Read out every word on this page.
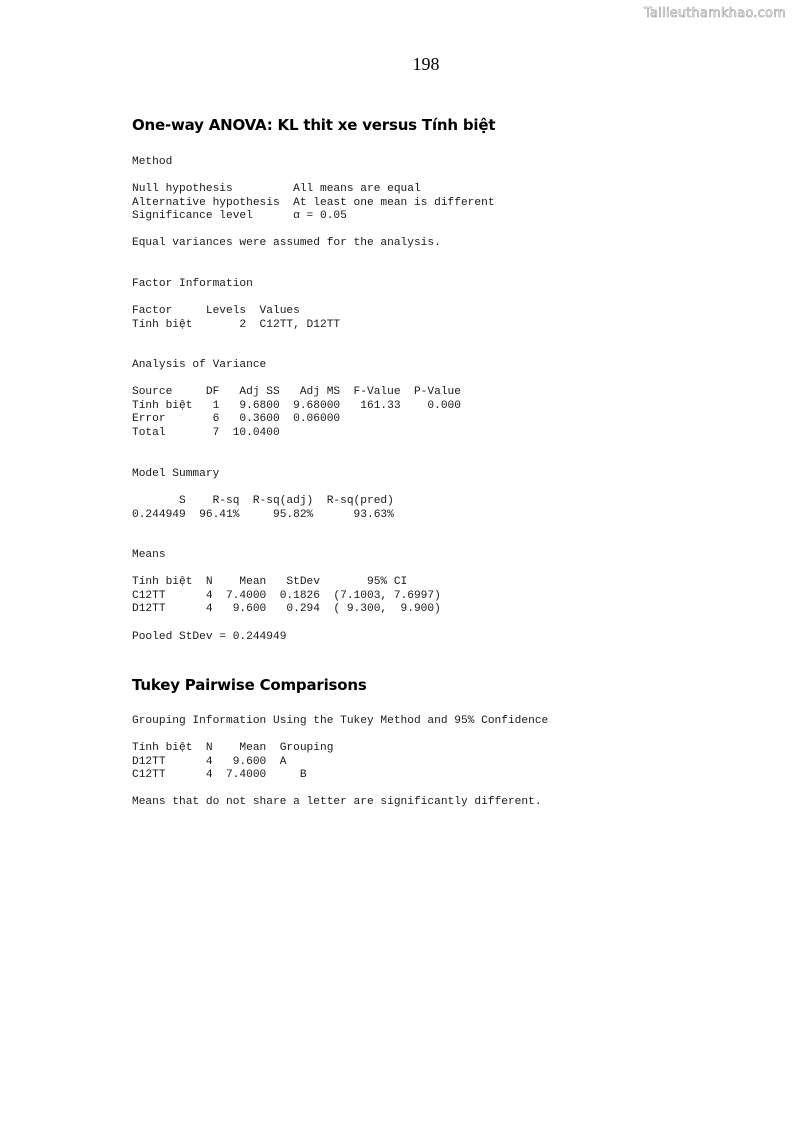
Tailieuthamkhao.com
198
One-way ANOVA: KL thit xe versus Tính biệt
Method
Null hypothesis         All means are equal
Alternative hypothesis  At least one mean is different
Significance level      α = 0.05
Equal variances were assumed for the analysis.
Factor Information
Factor     Levels  Values
Tính biệt       2  C12TT, D12TT
Analysis of Variance
Source     DF   Adj SS   Adj MS  F-Value  P-Value
Tính biệt   1   9.6800  9.68000   161.33    0.000
Error       6   0.3600  0.06000
Total       7  10.0400
Model Summary
S    R-sq  R-sq(adj)  R-sq(pred)
0.244949  96.41%     95.82%      93.63%
Means
Tính biệt  N    Mean   StDev       95% CI
C12TT      4  7.4000  0.1826  (7.1003, 7.6997)
D12TT      4   9.600   0.294  ( 9.300,  9.900)
Pooled StDev = 0.244949
Tukey Pairwise Comparisons
Grouping Information Using the Tukey Method and 95% Confidence
Tính biệt  N    Mean  Grouping
D12TT      4   9.600  A
C12TT      4  7.4000     B
Means that do not share a letter are significantly different.
